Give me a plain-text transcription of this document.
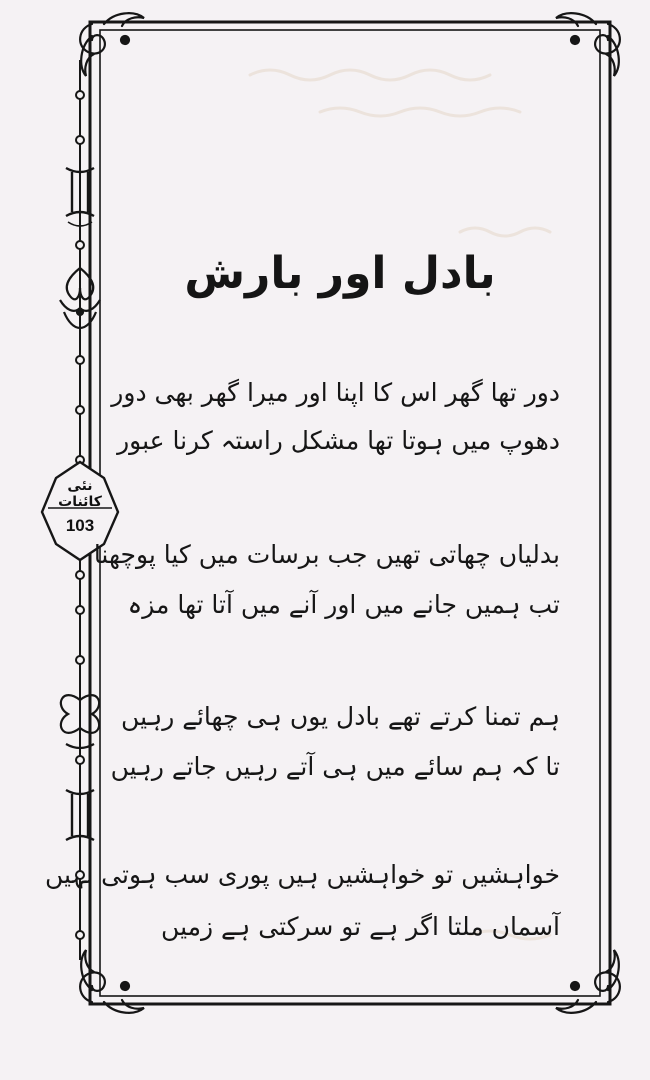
نئی کائنات
103
بادل اور بارش
دور تھا گھر اس کا اپنا اور میرا گھر بھی دور
دھوپ میں ہوتا تھا مشکل راستہ کرنا عبور
بدلیاں چھاتی تھیں جب برسات میں کیا پوچھنا
تب ہمیں جانے میں اور آنے میں آتا تھا مزہ
ہم تمنا کرتے تھے بادل یوں ہی چھائے رہیں
تا کہ ہم سائے میں ہی آتے رہیں جاتے رہیں
خواہشیں تو خواہشیں ہیں پوری سب ہوتی نہیں
آسماں ملتا اگر ہے تو سرکتی ہے زمیں
